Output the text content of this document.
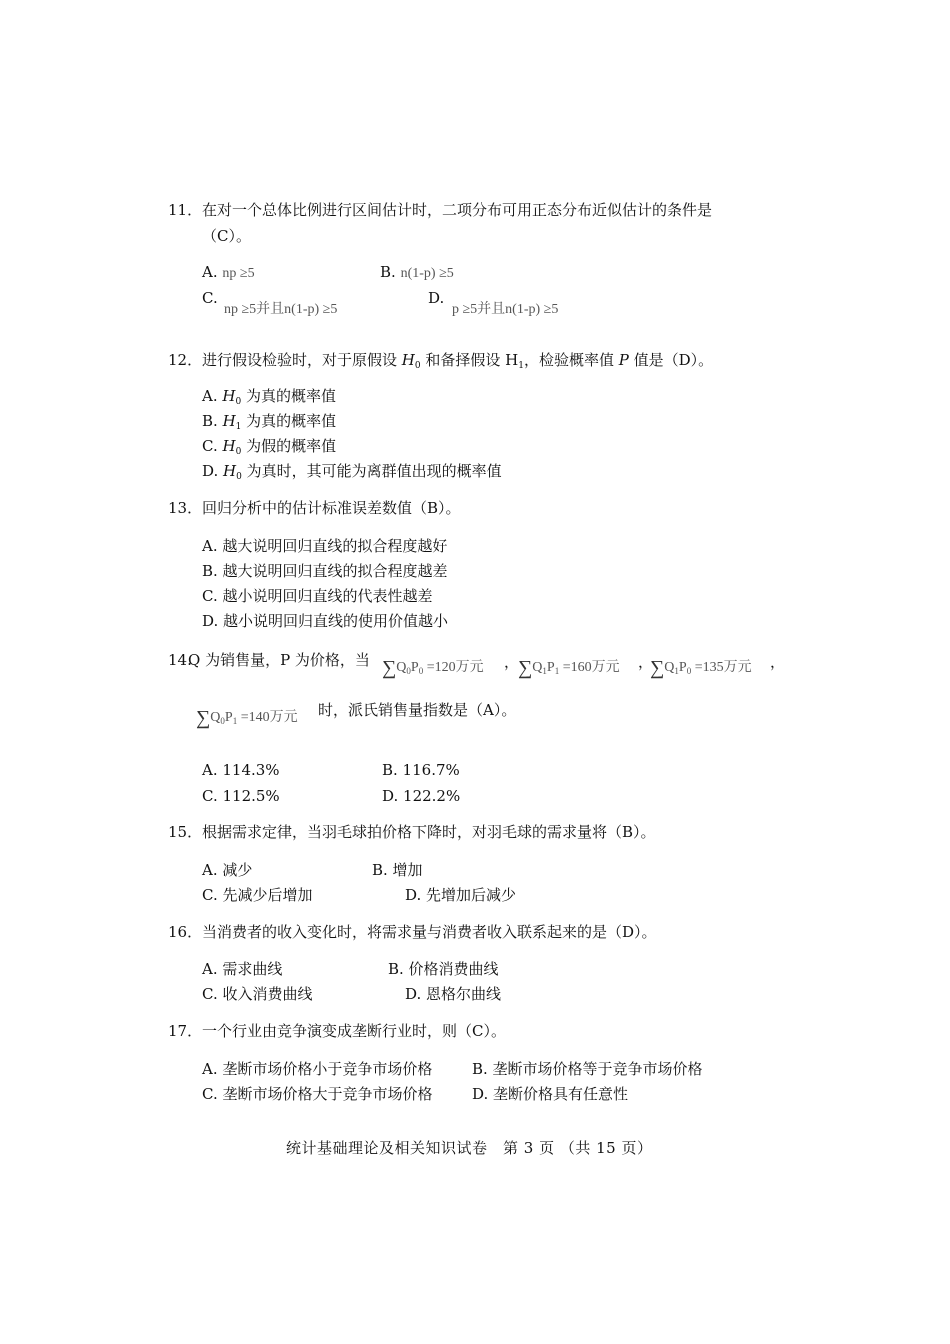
11． 在对一个总体比例进行区间估计时，二项分布可用正态分布近似估计的条件是
（C）。
A. np ≥5	B. n(1-p) ≥5
C.
np ≥5并且n(1-p) ≥5
D.
p ≥5并且n(1-p) ≥5
12． 进行假设检验时，对于原假设 $H_0$ 和备择假设 $H_1$，检验概率值 P 值是（D）。
A. $H_0$ 为真的概率值
B. $H_1$ 为真的概率值
C. $H_0$ 为假的概率值
D. $H_0$ 为真时，其可能为离群值出现的概率值
13． 回归分析中的估计标准误差数值（B）。
A. 越大说明回归直线的拟合程度越好
B. 越大说明回归直线的拟合程度越差
C. 越小说明回归直线的代表性越差
D. 越小说明回归直线的使用价值越小
14.
Q 为销售量，P 为价格，当 $\sum Q_0P_0 =120$万元 ，
$\sum Q_1P_1 =160$万元 ，
$\sum Q_1P_0 =135$万元 ，
$\sum Q_0P_1 =140$万元 时，派氏销售量指数是（A）。
A. 114.3%	B. 116.7%
C. 112.5%	D. 122.2%
15． 根据需求定律，当羽毛球拍价格下降时，对羽毛球的需求量将（B）。
A. 减少	B. 增加
C. 先减少后增加	D. 先增加后减少
16． 当消费者的收入变化时，将需求量与消费者收入联系起来的是（D）。
A. 需求曲线	B. 价格消费曲线
C. 收入消费曲线	D. 恩格尔曲线
17． 一个行业由竞争演变成垄断行业时，则（C）。
A. 垄断市场价格小于竞争市场价格	B. 垄断市场价格等于竞争市场价格
C. 垄断市场价格大于竞争市场价格	D. 垄断价格具有任意性
统计基础理论及相关知识试卷　第 3 页 （共 15 页）
